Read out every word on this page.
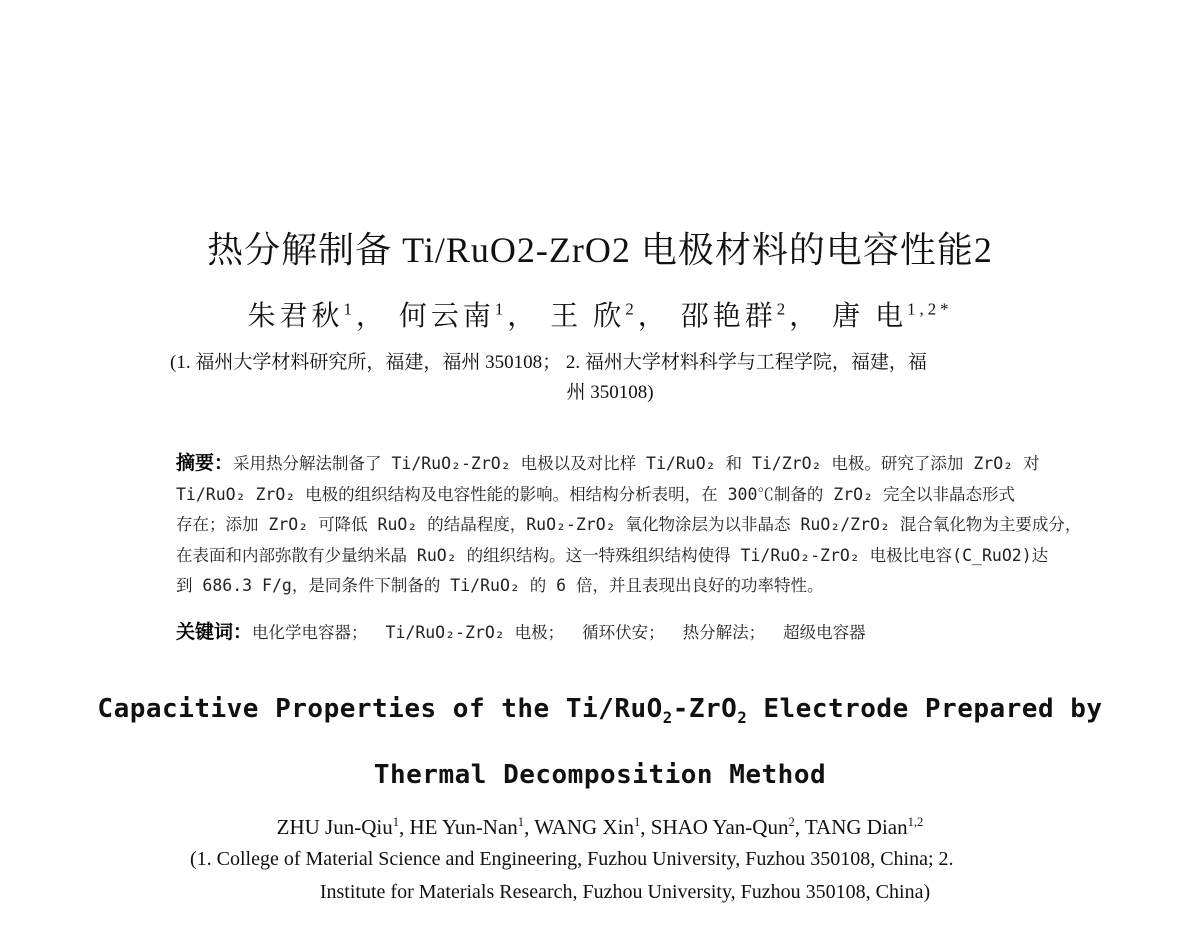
热分解制备 Ti/RuO2-ZrO2 电极材料的电容性能2
朱君秋$^1$， 何云南$^1$， 王 欣$^2$， 邵艳群$^2$， 唐 电$^{1,2*}$
(1. 福州大学材料研究所，福建，福州 350108； 2. 福州大学材料科学与工程学院，福建，福
州 350108)
摘要：采用热分解法制备了 Ti/RuO₂-ZrO₂ 电极以及对比样 Ti/RuO₂ 和 Ti/ZrO₂ 电极。研究了添加 ZrO₂ 对
Ti/RuO₂ ZrO₂ 电极的组织结构及电容性能的影响。相结构分析表明，在 300℃制备的 ZrO₂ 完全以非晶态形式
存在；添加 ZrO₂ 可降低 RuO₂ 的结晶程度，RuO₂-ZrO₂ 氧化物涂层为以非晶态 RuO₂/ZrO₂ 混合氧化物为主要成分，
在表面和内部弥散有少量纳米晶 RuO₂ 的组织结构。这一特殊组织结构使得 Ti/RuO₂-ZrO₂ 电极比电容(C_RuO2)达
到 686.3 F/g，是同条件下制备的 Ti/RuO₂ 的 6 倍，并且表现出良好的功率特性。
关键词：电化学电容器； Ti/RuO₂-ZrO₂ 电极； 循环伏安； 热分解法； 超级电容器
Capacitive Properties of the Ti/RuO$_2$-ZrO$_2$ Electrode Prepared by
Thermal Decomposition Method
ZHU Jun-Qiu$^1$, HE Yun-Nan$^1$, WANG Xin$^1$, SHAO Yan-Qun$^2$, TANG Dian$^{1,2}$
(1. College of Material Science and Engineering, Fuzhou University, Fuzhou 350108, China; 2.
Institute for Materials Research, Fuzhou University, Fuzhou 350108, China)
